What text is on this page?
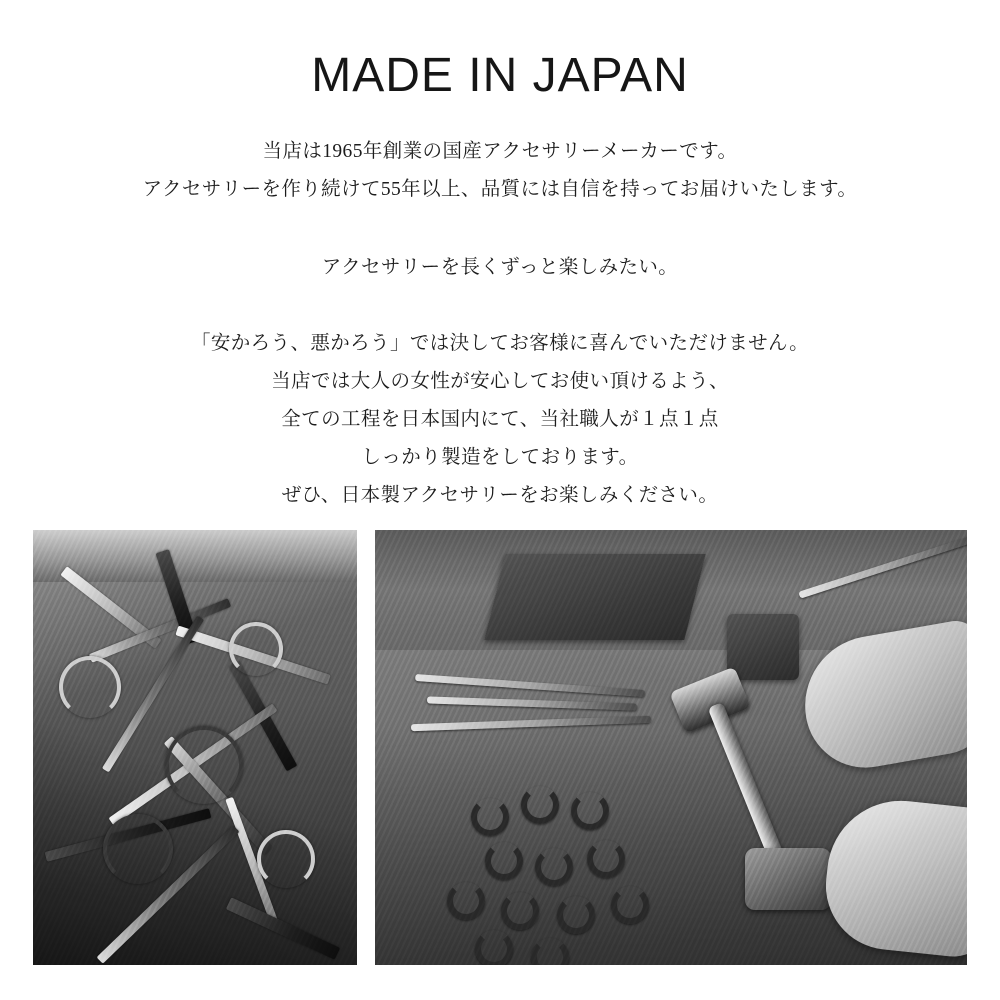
MADE IN JAPAN
当店は1965年創業の国産アクセサリーメーカーです。
アクセサリーを作り続けて55年以上、品質には自信を持ってお届けいたします。
アクセサリーを長くずっと楽しみたい。
「安かろう、悪かろう」では決してお客様に喜んでいただけません。
当店では大人の女性が安心してお使い頂けるよう、
全ての工程を日本国内にて、当社職人が１点１点
しっかり製造をしております。
ぜひ、日本製アクセサリーをお楽しみください。
